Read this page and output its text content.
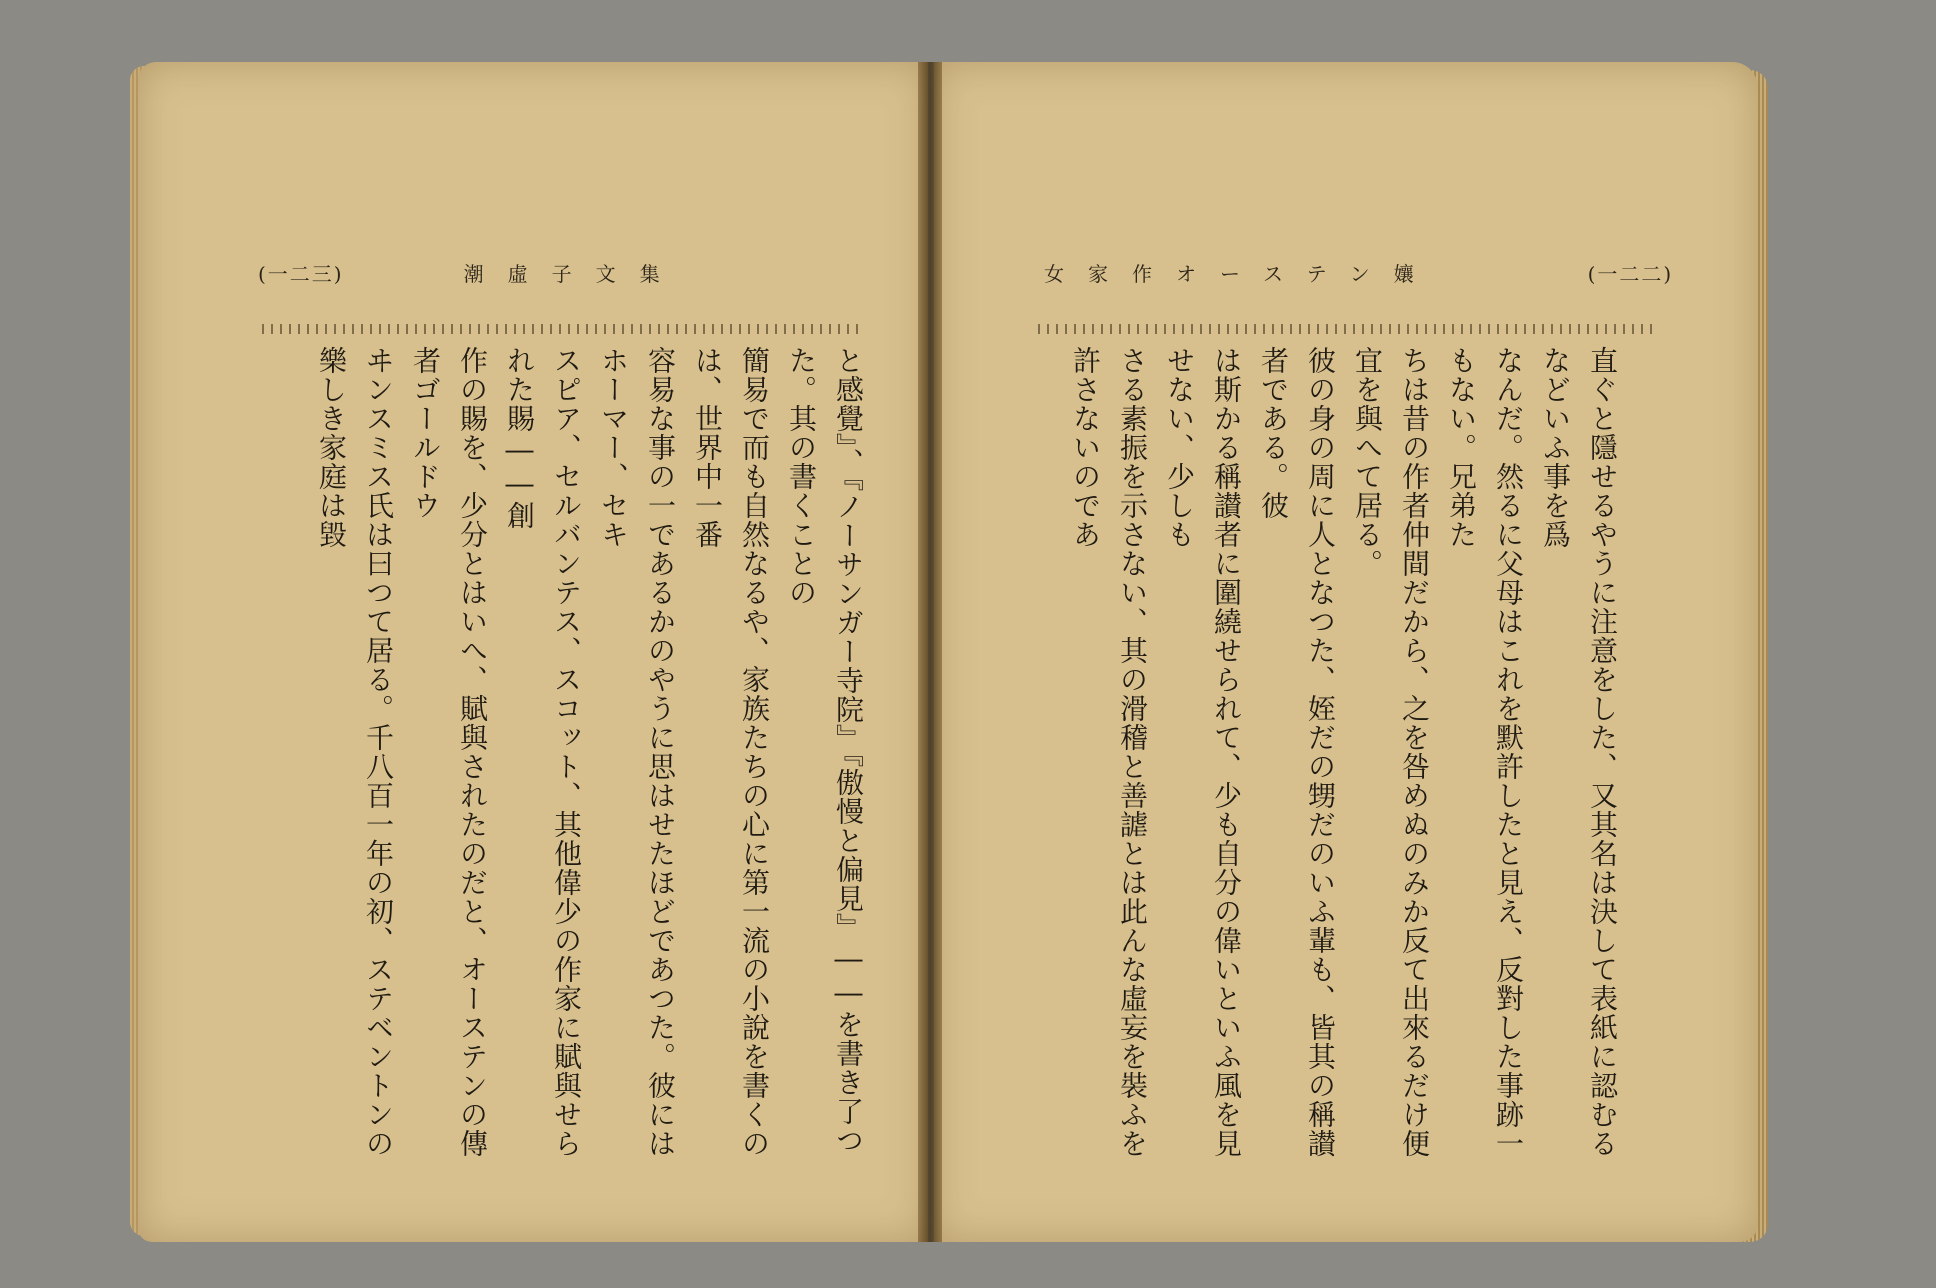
(一二三)	潮虛子文集
と感覺』、『ノーサンガー寺院』『傲慢と偏見』――を書き了つた。其の書くことの
簡易で而も自然なるや、家族たちの心に第一流の小說を書くのは、世界中一番
容易な事の一であるかのやうに思はせたほどであつた。彼にはホーマー、セキ
スピア、セルバンテス、スコット、其他偉少の作家に賦與せられた賜――創
作の賜を、少分とはいへ、賦與されたのだと、オーステンの傳者ゴールドウ
ヰンスミス氏は曰つて居る。千八百一年の初、ステベントンの樂しき家庭は毀
女家作オーステン孃	(一二二)
直ぐと隱せるやうに注意をした、又其名は決して表紙に認むるなどいふ事を爲
なんだ。然るに父母はこれを默許したと見え、反對した事跡一もない。兄弟た
ちは昔の作者仲間だから、之を咎めぬのみか反て出來るだけ便宜を與へて居る。
彼の身の周に人となつた、姪だの甥だのいふ輩も、皆其の稱讃者である。彼
は斯かる稱讃者に圍繞せられて、少も自分の偉いといふ風を見せない、少しも
さる素振を示さない、其の滑稽と善謔とは此んな虛妄を裝ふを許さないのであ
